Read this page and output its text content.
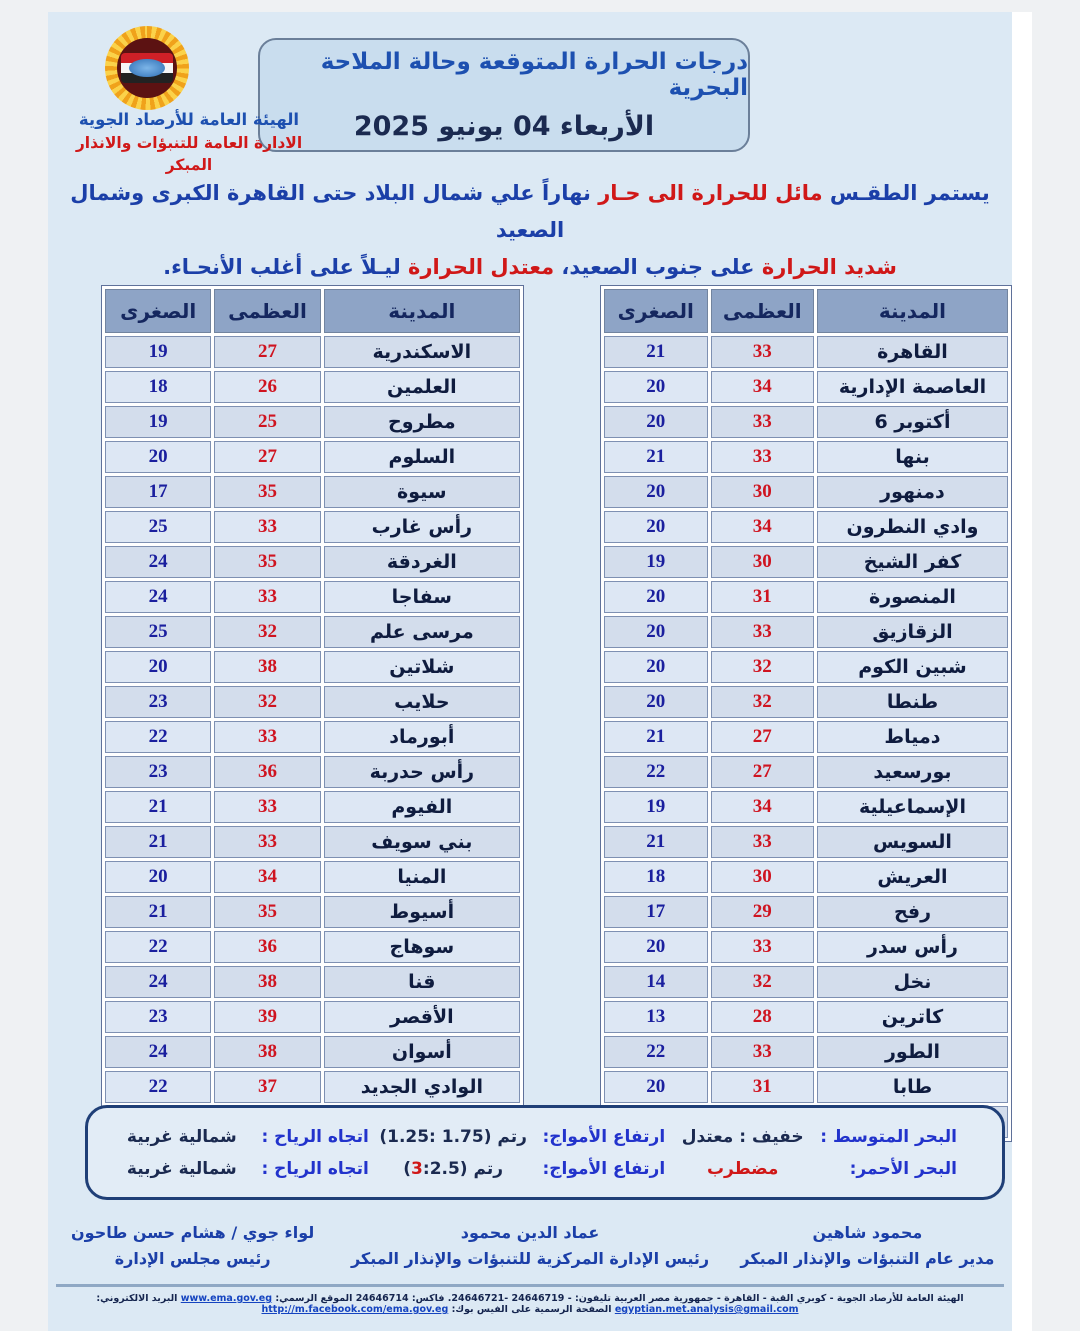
درجات الحرارة المتوقعة وحالة الملاحة البحرية
الأربعاء 04 يونيو 2025
الهيئة العامة للأرصاد الجوية
الادارة العامة للتنبؤات والانذار المبكر
يستمر الطقـس مائل للحرارة الى حـار نهاراً علي شمال البلاد حتى القاهرة الكبرى وشمال الصعيد
شديد الحرارة على جنوب الصعيد، معتدل الحرارة ليـلاً على أغلب الأنحـاء.
المدينة	العظمى	الصغرى
القاهرة	33	21
العاصمة الإدارية	34	20
أكتوبر 6	33	20
بنها	33	21
دمنهور	30	20
وادي النطرون	34	20
كفر الشيخ	30	19
المنصورة	31	20
الزقازيق	33	20
شبين الكوم	32	20
طنطا	32	20
دمياط	27	21
بورسعيد	27	22
الإسماعيلية	34	19
السويس	33	21
العريش	30	18
رفح	29	17
رأس سدر	33	20
نخل	32	14
كاترين	28	13
الطور	33	22
طابا	31	20

المدينة	العظمى	الصغرى
الاسكندرية	27	19
العلمين	26	18
مطروح	25	19
السلوم	27	20
سيوة	35	17
رأس غارب	33	25
الغردقة	35	24
سفاجا	33	24
مرسى علم	32	25
شلاتين	38	20
حلايب	32	23
أبورماد	33	22
رأس حدربة	36	23
الفيوم	33	21
بني سويف	33	21
المنيا	34	20
أسيوط	35	21
سوهاج	36	22
قنا	38	24
الأقصر	39	23
أسوان	38	24
الوادي الجديد	37	22

البحر المتوسط :
خفيف : معتدل
ارتفاع الأمواج:
(1.25: 1.75) متر
اتجاه الرياح :
شمالية غربية
البحر الأحمر:
مضطرب
ارتفاع الأمواج:
(3:2.5) متر
اتجاه الرياح :
شمالية غربية
محمود شاهين
مدير عام التنبؤات والإنذار المبكر
عماد الدين محمود
رئيس الإدارة المركزية للتنبؤات والإنذار المبكر
لواء جوي / هشام حسن طاحون
رئيس مجلس الإدارة
الهيئة العامة للأرصاد الجوية - كوبري القبة - القاهرة - جمهورية مصر العربية تليفون: - 24646719 -24646721. فاكس: 24646714 الموقع الرسمي: www.ema.gov.eg البريد الالكتروني: egyptian.met.analysis@gmail.com الصفحة الرسمية على الفيس بوك: http://m.facebook.com/ema.gov.eg
